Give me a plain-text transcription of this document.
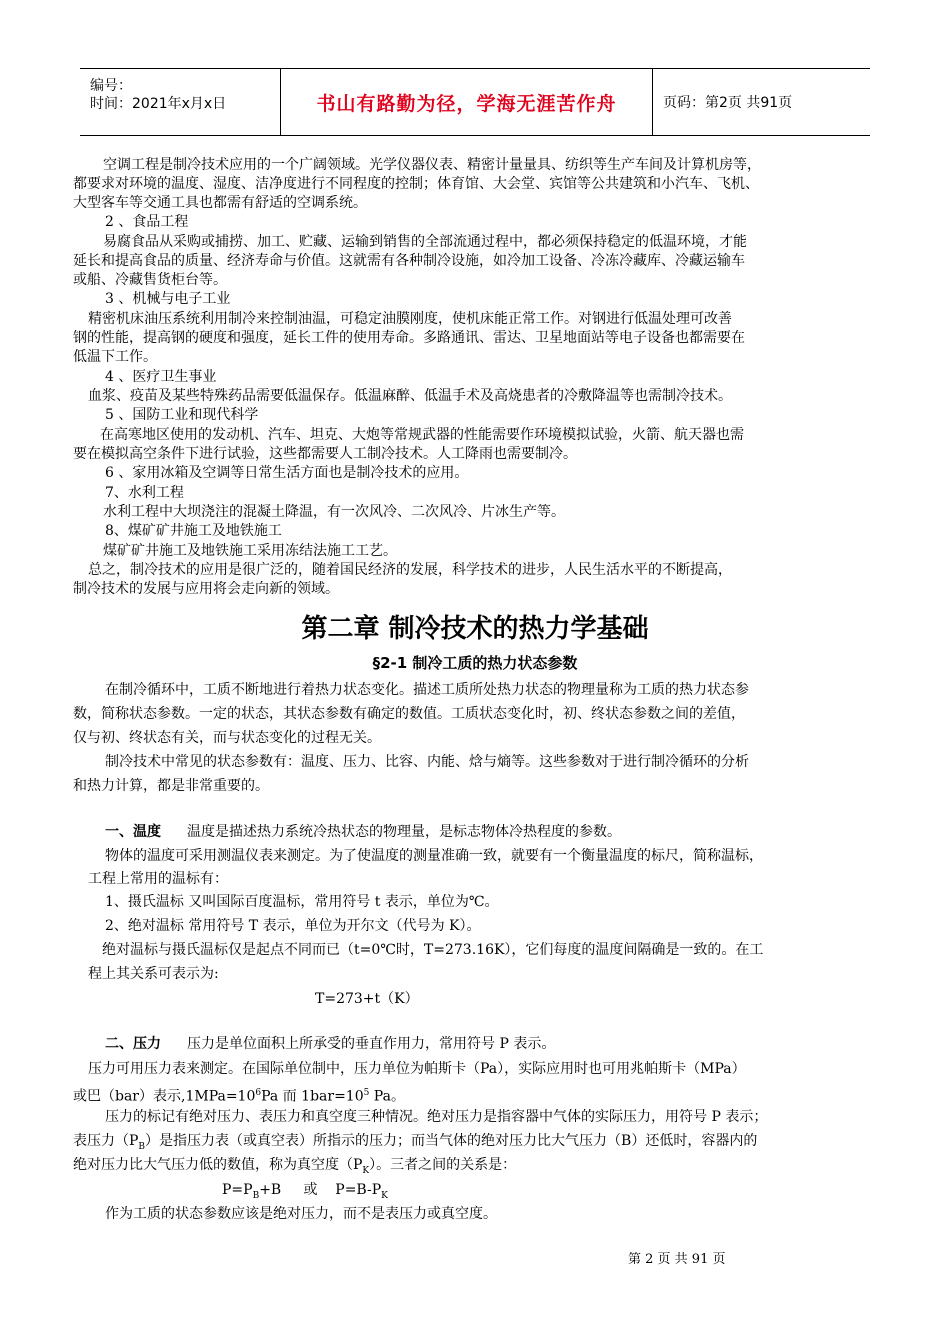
编号：
时间：2021年x月x日	书山有路勤为径，学海无涯苦作舟	页码：第2页 共91页
空调工程是制冷技术应用的一个广阔领域。光学仪器仪表、精密计量量具、纺织等生产车间及计算机房等，
都要求对环境的温度、湿度、洁净度进行不同程度的控制；体育馆、大会堂、宾馆等公共建筑和小汽车、飞机、
大型客车等交通工具也都需有舒适的空调系统。
2 、食品工程
易腐食品从采购或捕捞、加工、贮藏、运输到销售的全部流通过程中，都必须保持稳定的低温环境，才能
延长和提高食品的质量、经济寿命与价值。这就需有各种制冷设施，如冷加工设备、冷冻冷藏库、冷藏运输车
或船、冷藏售货柜台等。
3 、机械与电子工业
精密机床油压系统利用制冷来控制油温，可稳定油膜刚度，使机床能正常工作。对钢进行低温处理可改善
钢的性能，提高钢的硬度和强度，延长工件的使用寿命。多路通讯、雷达、卫星地面站等电子设备也都需要在
低温下工作。
4 、医疗卫生事业
血浆、疫苗及某些特殊药品需要低温保存。低温麻醉、低温手术及高烧患者的冷敷降温等也需制冷技术。
5 、国防工业和现代科学
在高寒地区使用的发动机、汽车、坦克、大炮等常规武器的性能需要作环境模拟试验，火箭、航天器也需
要在模拟高空条件下进行试验，这些都需要人工制冷技术。人工降雨也需要制冷。
6 、家用冰箱及空调等日常生活方面也是制冷技术的应用。
7、水利工程
水利工程中大坝浇注的混凝土降温，有一次风冷、二次风冷、片冰生产等。
8、煤矿矿井施工及地铁施工
煤矿矿井施工及地铁施工采用冻结法施工工艺。
总之，制冷技术的应用是很广泛的，随着国民经济的发展，科学技术的进步，人民生活水平的不断提高，
制冷技术的发展与应用将会走向新的领域。
第二章 制冷技术的热力学基础
§2-1 制冷工质的热力状态参数
在制冷循环中，工质不断地进行着热力状态变化。描述工质所处热力状态的物理量称为工质的热力状态参
数，简称状态参数。一定的状态，其状态参数有确定的数值。工质状态变化时，初、终状态参数之间的差值，
仅与初、终状态有关，而与状态变化的过程无关。
制冷技术中常见的状态参数有：温度、压力、比容、内能、焓与熵等。这些参数对于进行制冷循环的分析
和热力计算，都是非常重要的。
一、温度 温度是描述热力系统冷热状态的物理量，是标志物体冷热程度的参数。
物体的温度可采用测温仪表来测定。为了使温度的测量准确一致，就要有一个衡量温度的标尺，简称温标，
工程上常用的温标有：
1、摄氏温标 又叫国际百度温标，常用符号 t 表示，单位为℃。
2、绝对温标 常用符号 T 表示，单位为开尔文（代号为 K）。
绝对温标与摄氏温标仅是起点不同而已（t=0℃时，T=273.16K），它们每度的温度间隔确是一致的。在工
程上其关系可表示为:
T=273+t（K）
二、压力 压力是单位面积上所承受的垂直作用力，常用符号 P 表示。
压力可用压力表来测定。在国际单位制中，压力单位为帕斯卡（Pa），实际应用时也可用兆帕斯卡（MPa）
或巴（bar）表示$,1MPa=10^6Pa$ 而 $1bar=10^5$ Pa。
压力的标记有绝对压力、表压力和真空度三种情况。绝对压力是指容器中气体的实际压力，用符号 P 表示；
表压力$(P_B)$是指压力表（或真空表）所指示的压力；而当气体的绝对压力比大气压力（B）还低时，容器内的
绝对压力比大气压力低的数值，称为真空度$(P_K)$。三者之间的关系是：
$P=P_B+B$     或    $P=B-P_K$
作为工质的状态参数应该是绝对压力，而不是表压力或真空度。
第 2 页 共 91 页
